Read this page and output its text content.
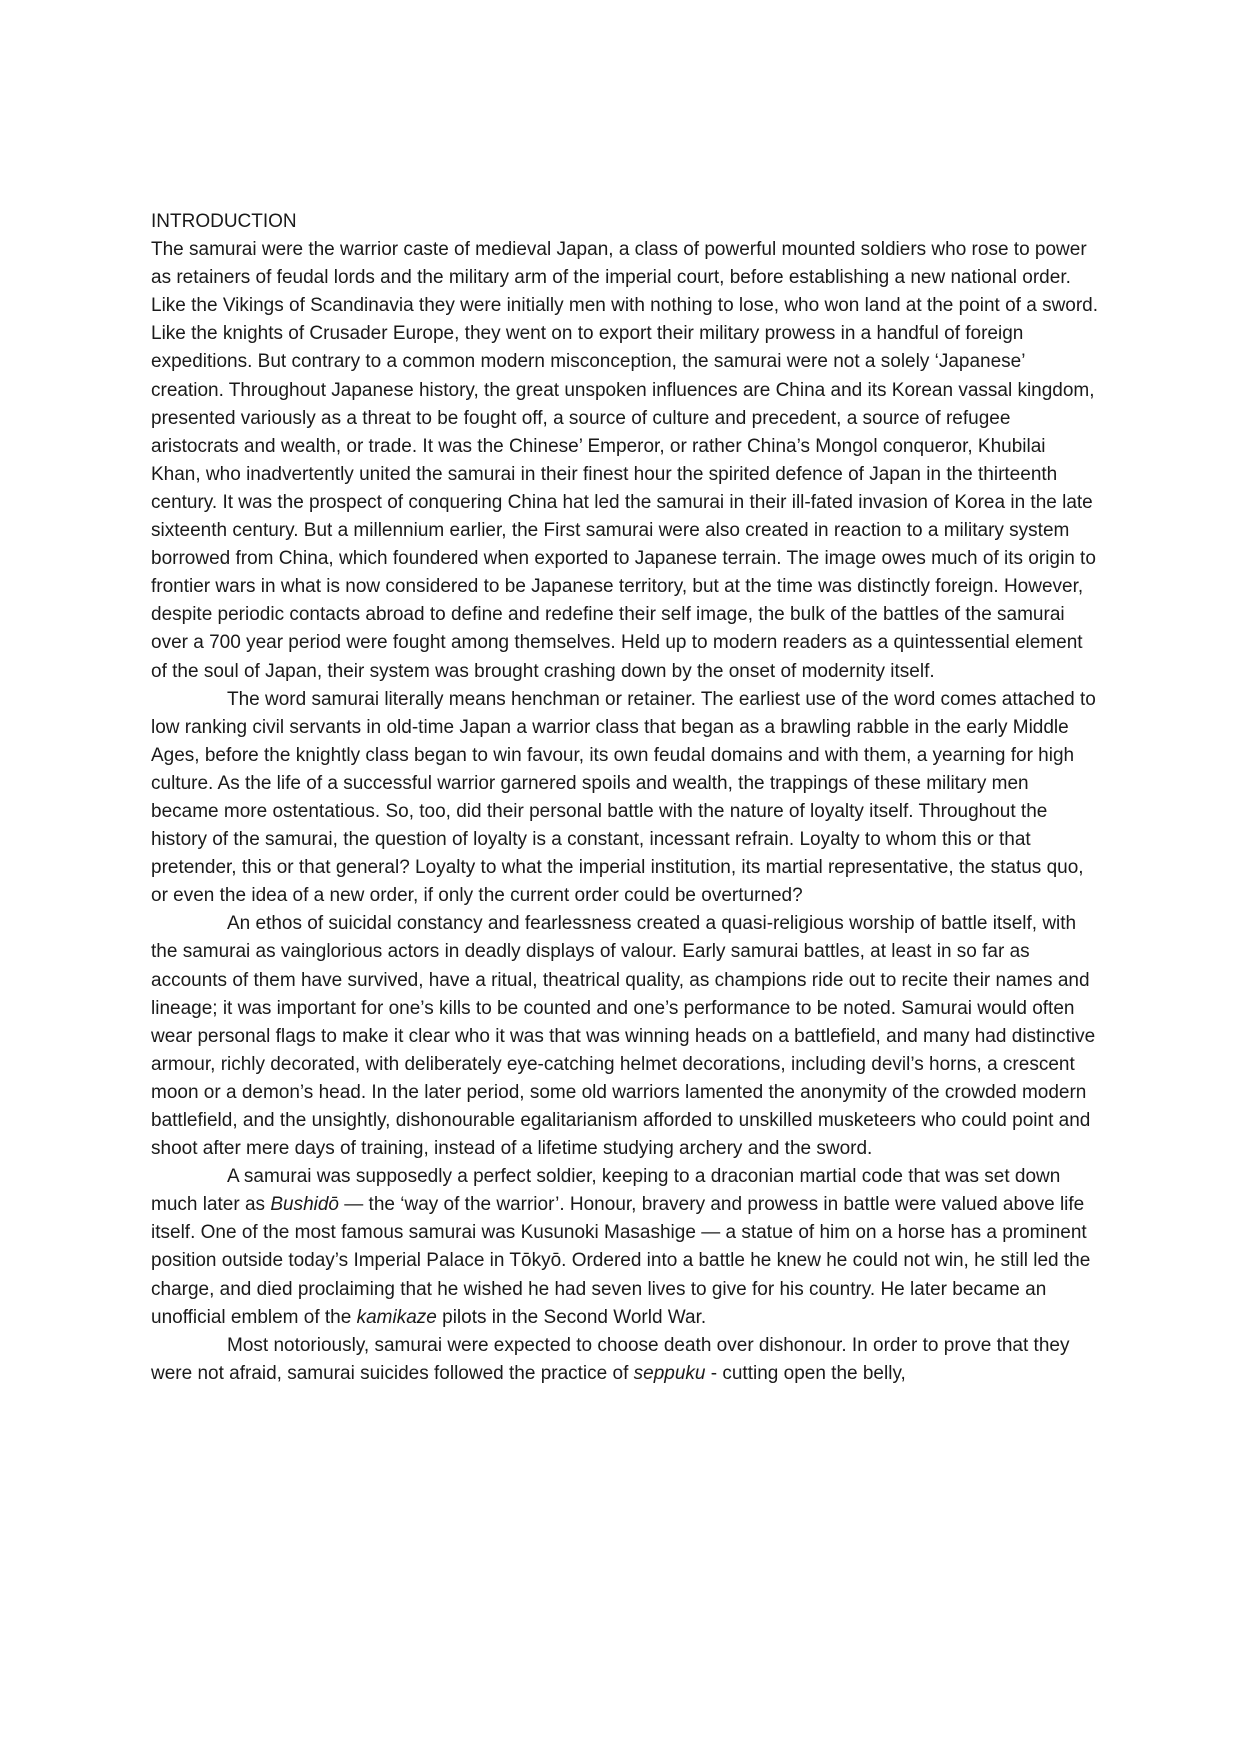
INTRODUCTION

The samurai were the warrior caste of medieval Japan, a class of powerful mounted soldiers who rose to power as retainers of feudal lords and the military arm of the imperial court, before establishing a new national order. Like the Vikings of Scandinavia they were initially men with nothing to lose, who won land at the point of a sword. Like the knights of Crusader Europe, they went on to export their military prowess in a handful of foreign expeditions. But contrary to a common modern misconception, the samurai were not a solely ‘Japanese’ creation. Throughout Japanese history, the great unspoken influences are China and its Korean vassal kingdom, presented variously as a threat to be fought off, a source of culture and precedent, a source of refugee aristocrats and wealth, or trade. It was the Chinese’ Emperor, or rather China’s Mongol conqueror, Khubilai Khan, who inadvertently united the samurai in their finest hour the spirited defence of Japan in the thirteenth century. It was the prospect of conquering China hat led the samurai in their ill-fated invasion of Korea in the late sixteenth century. But a millennium earlier, the First samurai were also created in reaction to a military system borrowed from China, which foundered when exported to Japanese terrain. The image owes much of its origin to frontier wars in what is now considered to be Japanese territory, but at the time was distinctly foreign. However, despite periodic contacts abroad to define and redefine their self image, the bulk of the battles of the samurai over a 700 year period were fought among themselves. Held up to modern readers as a quintessential element of the soul of Japan, their system was brought crashing down by the onset of modernity itself.

The word samurai literally means henchman or retainer. The earliest use of the word comes attached to low ranking civil servants in old-time Japan a warrior class that began as a brawling rabble in the early Middle Ages, before the knightly class began to win favour, its own feudal domains and with them, a yearning for high culture. As the life of a successful warrior garnered spoils and wealth, the trappings of these military men became more ostentatious. So, too, did their personal battle with the nature of loyalty itself. Throughout the history of the samurai, the question of loyalty is a constant, incessant refrain. Loyalty to whom this or that pretender, this or that general? Loyalty to what the imperial institution, its martial representative, the status quo, or even the idea of a new order, if only the current order could be overturned?

An ethos of suicidal constancy and fearlessness created a quasi-religious worship of battle itself, with the samurai as vainglorious actors in deadly displays of valour. Early samurai battles, at least in so far as accounts of them have survived, have a ritual, theatrical quality, as champions ride out to recite their names and lineage; it was important for one’s kills to be counted and one’s performance to be noted. Samurai would often wear personal flags to make it clear who it was that was winning heads on a battlefield, and many had distinctive armour, richly decorated, with deliberately eye-catching helmet decorations, including devil’s horns, a crescent moon or a demon’s head. In the later period, some old warriors lamented the anonymity of the crowded modern battlefield, and the unsightly, dishonourable egalitarianism afforded to unskilled musketeers who could point and shoot after mere days of training, instead of a lifetime studying archery and the sword.

A samurai was supposedly a perfect soldier, keeping to a draconian martial code that was set down much later as Bushidō — the ‘way of the warrior’. Honour, bravery and prowess in battle were valued above life itself. One of the most famous samurai was Kusunoki Masashige — a statue of him on a horse has a prominent position outside today’s Imperial Palace in Tōkyō. Ordered into a battle he knew he could not win, he still led the charge, and died proclaiming that he wished he had seven lives to give for his country. He later became an unofficial emblem of the kamikaze pilots in the Second World War.

Most notoriously, samurai were expected to choose death over dishonour. In order to prove that they were not afraid, samurai suicides followed the practice of seppuku - cutting open the belly,
